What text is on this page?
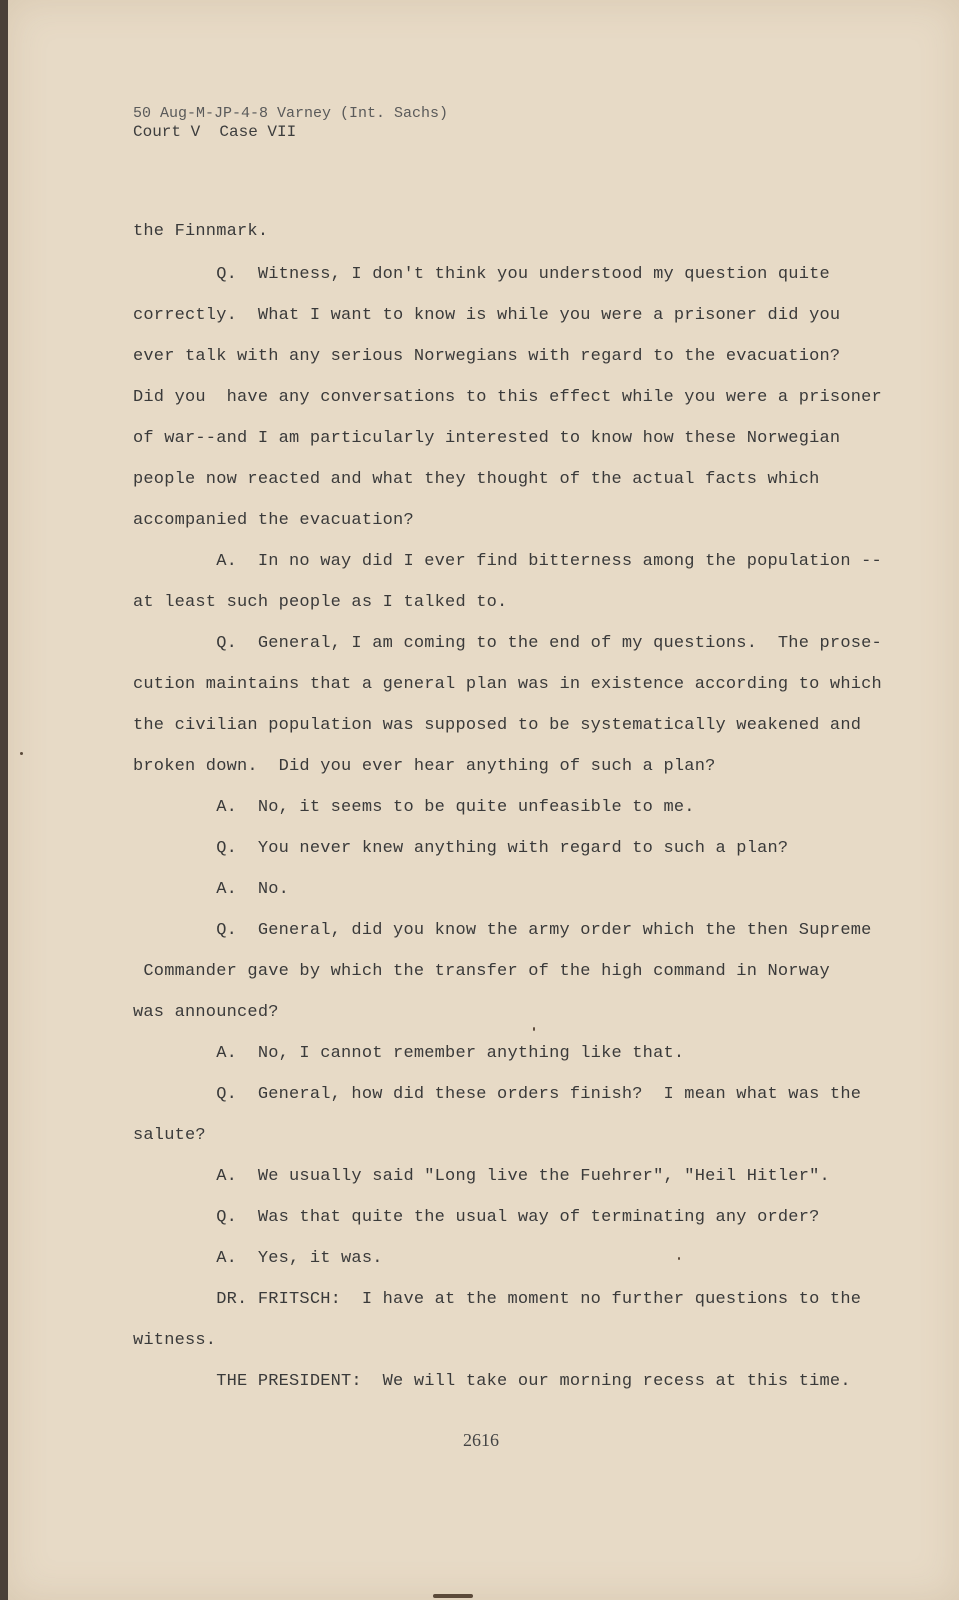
50 Aug-M-JP-4-8 Varney (Int. Sachs)
Court V  Case VII
the Finnmark.
Q.  Witness, I don't think you understood my question quite
correctly.  What I want to know is while you were a prisoner did you
ever talk with any serious Norwegians with regard to the evacuation?
Did you  have any conversations to this effect while you were a prisoner
of war--and I am particularly interested to know how these Norwegian
people now reacted and what they thought of the actual facts which
accompanied the evacuation?
A.  In no way did I ever find bitterness among the population --
at least such people as I talked to.
Q.  General, I am coming to the end of my questions.  The prose-
cution maintains that a general plan was in existence according to which
the civilian population was supposed to be systematically weakened and
broken down.  Did you ever hear anything of such a plan?
A.  No, it seems to be quite unfeasible to me.
Q.  You never knew anything with regard to such a plan?
A.  No.
Q.  General, did you know the army order which the then Supreme
Commander gave by which the transfer of the high command in Norway
was announced?
A.  No, I cannot remember anything like that.
Q.  General, how did these orders finish?  I mean what was the
salute?
A.  We usually said "Long live the Fuehrer", "Heil Hitler".
Q.  Was that quite the usual way of terminating any order?
A.  Yes, it was.
DR. FRITSCH:  I have at the moment no further questions to the
witness.
THE PRESIDENT:  We will take our morning recess at this time.
2616
